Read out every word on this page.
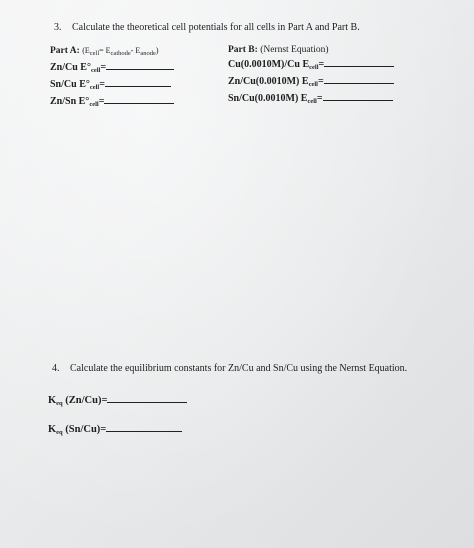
3. Calculate the theoretical cell potentials for all cells in Part A and Part B.
Part A: ($E_{cell}= E_{cathode}-$ $E_{anode}$)
Zn/Cu $E^\circ_{cell}=$
Sn/Cu $E^\circ_{cell}=$
Zn/Sn $E^\circ_{cell}=$
Part B: (Nernst Equation)
Cu(0.0010M)/Cu $E_{cell}=$
Zn/Cu(0.0010M) $E_{cell}=$
Sn/Cu(0.0010M) $E_{cell}=$
4. Calculate the equilibrium constants for Zn/Cu and Sn/Cu using the Nernst Equation.
$K_{eq}$ (Zn/Cu)=
$K_{eq}$ (Sn/Cu)=
